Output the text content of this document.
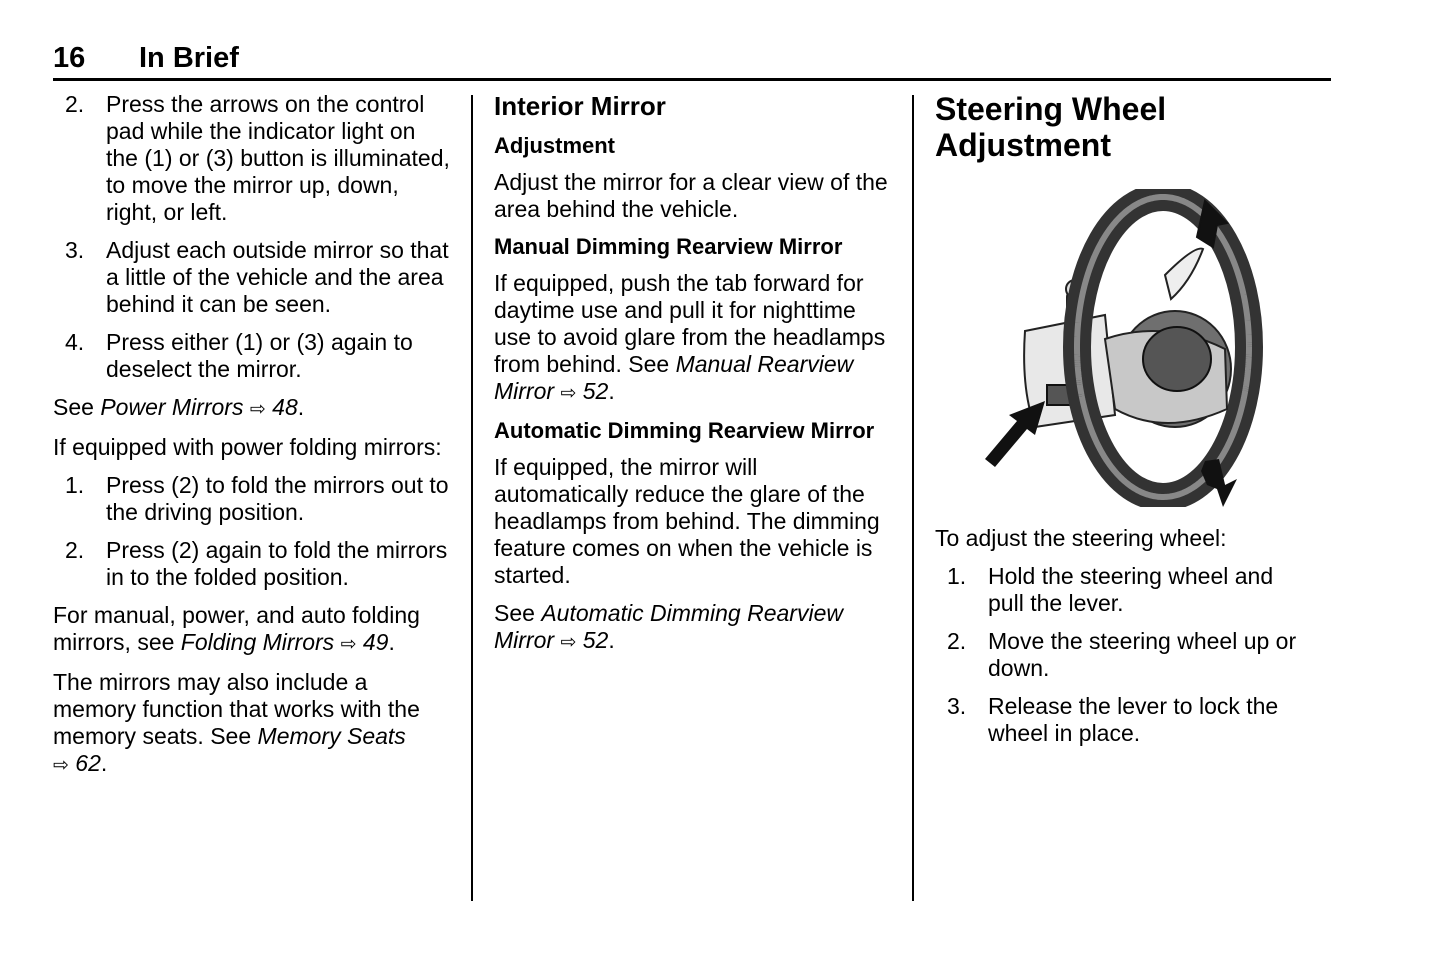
16 In Brief
2. Press the arrows on the control pad while the indicator light on the (1) or (3) button is illuminated, to move the mirror up, down, right, or left.
3. Adjust each outside mirror so that a little of the vehicle and the area behind it can be seen.
4. Press either (1) or (3) again to deselect the mirror.

See Power Mirrors ⇨ 48.

If equipped with power folding mirrors:

1. Press (2) to fold the mirrors out to the driving position.
2. Press (2) again to fold the mirrors in to the folded position.

For manual, power, and auto folding mirrors, see Folding Mirrors ⇨ 49.

The mirrors may also include a memory function that works with the memory seats. See Memory Seats
⇨ 62.

Interior Mirror
Adjustment

Adjust the mirror for a clear view of the area behind the vehicle.

Manual Dimming Rearview Mirror

If equipped, push the tab forward for daytime use and pull it for nighttime use to avoid glare from the headlamps from behind. See Manual Rearview Mirror ⇨ 52.

Automatic Dimming Rearview Mirror

If equipped, the mirror will automatically reduce the glare of the headlamps from behind. The dimming feature comes on when the vehicle is started.

See Automatic Dimming Rearview Mirror ⇨ 52.

Steering Wheel
Adjustment

To adjust the steering wheel:

1. Hold the steering wheel and pull the lever.
2. Move the steering wheel up or down.
3. Release the lever to lock the wheel in place.
